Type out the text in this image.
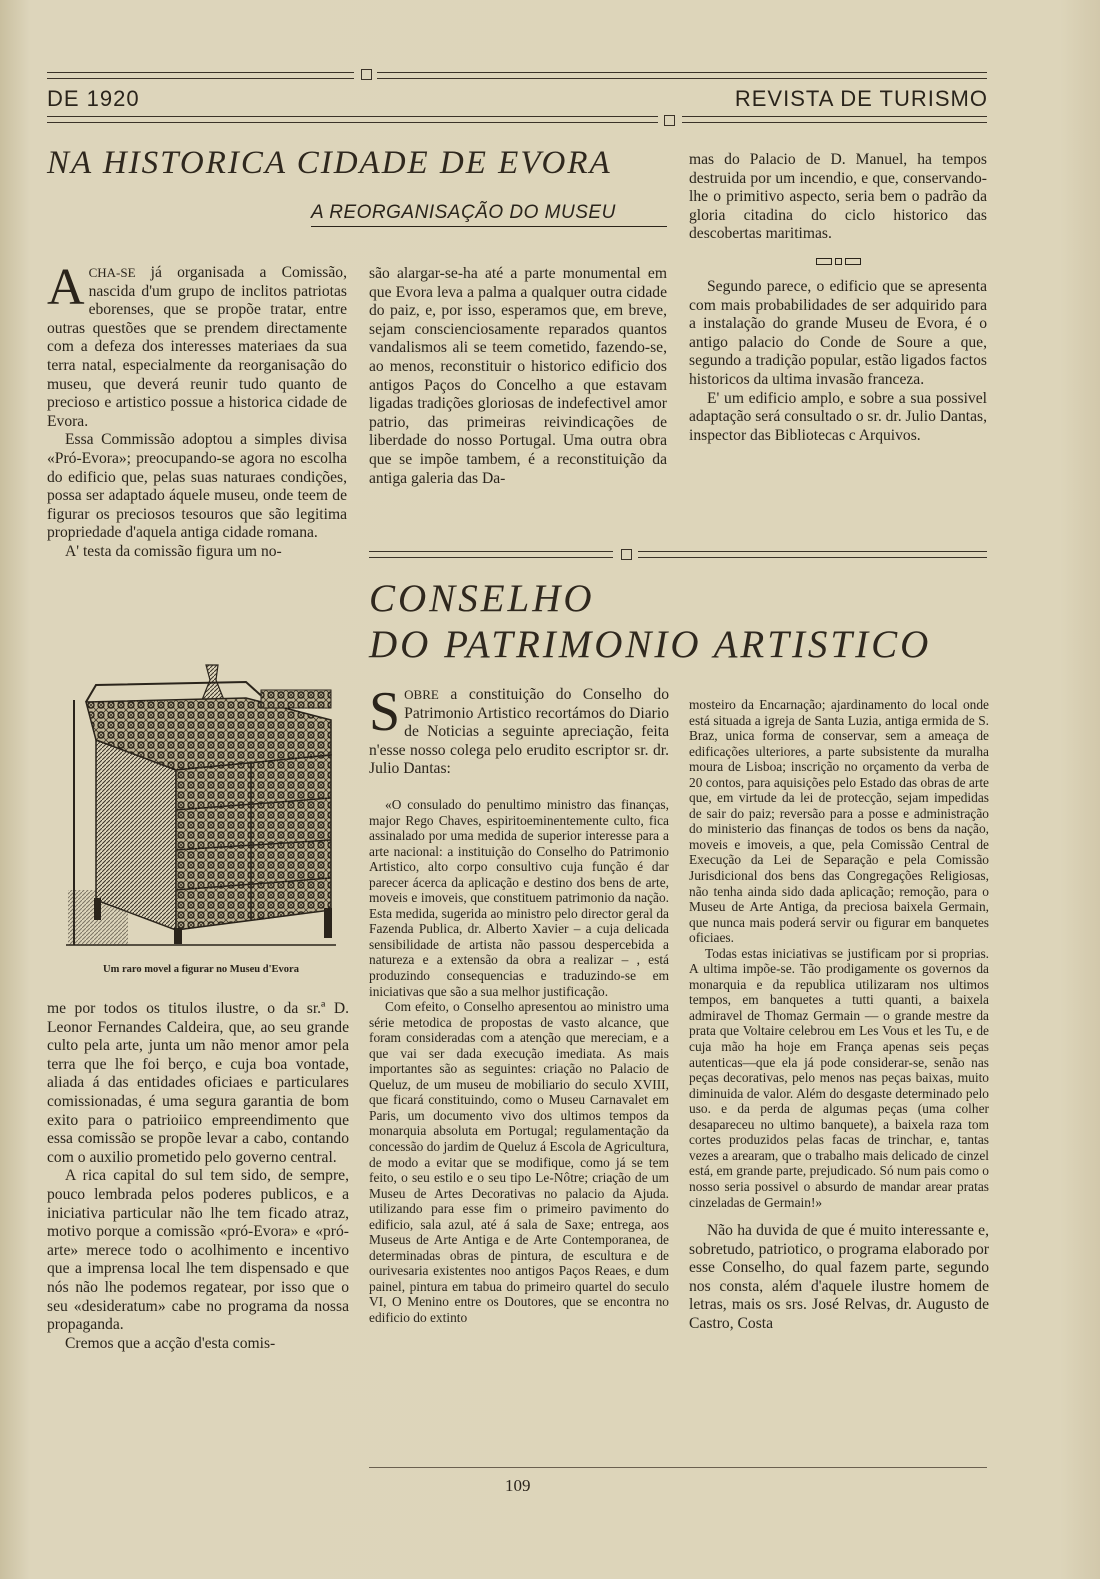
DE 1920	REVISTA DE TURISMO
NA HISTORICA CIDADE DE EVORA
A REORGANISAÇÃO DO MUSEU
A CHA-SE já organisada a Comissão, nascida d'um grupo de inclitos patriotas eborenses, que se propõe tratar, entre outras questões que se prendem directamente com a defeza dos interesses materiaes da sua terra natal, especialmente da reorganisação do museu, que deverá reunir tudo quanto de precioso e artistico possue a historica cidade de Evora.

Essa Commissão adoptou a simples divisa «Pró-Evora»; preocupando-se agora no escolha do edificio que, pelas suas naturaes condições, possa ser adaptado áquele museu, onde teem de figurar os preciosos tesouros que são legitima propriedade d'aquela antiga cidade romana.

A' testa da comissão figura um no-

Um raro movel a figurar no Museu d'Evora

me por todos os titulos ilustre, o da sr.ª D. Leonor Fernandes Caldeira, que, ao seu grande culto pela arte, junta um não menor amor pela terra que lhe foi berço, e cuja boa vontade, aliada á das entidades oficiaes e particulares comissionadas, é uma segura garantia de bom exito para o patrioiico empreendimento que essa comissão se propõe levar a cabo, contando com o auxilio prometido pelo governo central.

A rica capital do sul tem sido, de sempre, pouco lembrada pelos poderes publicos, e a iniciativa particular não lhe tem ficado atraz, motivo porque a comissão «pró-Evora» e «pró-arte» merece todo o acolhimento e incentivo que a imprensa local lhe tem dispensado e que nós não lhe podemos regatear, por isso que o seu «desideratum» cabe no programa da nossa propaganda.

Cremos que a acção d'esta comis-

são alargar-se-ha até a parte monumental em que Evora leva a palma a qualquer outra cidade do paiz, e, por isso, esperamos que, em breve, sejam conscienciosamente reparados quantos vandalismos ali se teem cometido, fazendo-se, ao menos, reconstituir o historico edificio dos antigos Paços do Concelho a que estavam ligadas tradições gloriosas de indefectivel amor patrio, das primeiras reivindicações de liberdade do nosso Portugal. Uma outra obra que se impõe tambem, é a reconstituição da antiga galeria das Da-

mas do Palacio de D. Manuel, ha tempos destruida por um incendio, e que, conservando-lhe o primitivo aspecto, seria bem o padrão da gloria citadina do ciclo historico das descobertas maritimas.

Segundo parece, o edificio que se apresenta com mais probabilidades de ser adquirido para a instalação do grande Museu de Evora, é o antigo palacio do Conde de Soure a que, segundo a tradição popular, estão ligados factos historicos da ultima invasão franceza.

E' um edificio amplo, e sobre a sua possivel adaptação será consultado o sr. dr. Julio Dantas, inspector das Bibliotecas c Arquivos.

CONSELHO
DO PATRIMONIO ARTISTICO
S OBRE a constituição do Conselho do Patrimonio Artistico recortámos do Diario de Noticias a seguinte apreciação, feita n'esse nosso colega pelo erudito escriptor sr. dr. Julio Dantas:

«O consulado do penultimo ministro das finanças, major Rego Chaves, espiritoeminentemente culto, fica assinalado por uma medida de superior interesse para a arte nacional: a instituição do Conselho do Patrimonio Artistico, alto corpo consultivo cuja função é dar parecer ácerca da aplicação e destino dos bens de arte, moveis e imoveis, que constituem patrimonio da nação. Esta medida, sugerida ao ministro pelo director geral da Fazenda Publica, dr. Alberto Xavier – a cuja delicada sensibilidade de artista não passou despercebida a natureza e a extensão da obra a realizar – , está produzindo consequencias e traduzindo-se em iniciativas que são a sua melhor justificação.

Com efeito, o Conselho apresentou ao ministro uma série metodica de propostas de vasto alcance, que foram consideradas com a atenção que mereciam, e a que vai ser dada execução imediata. As mais importantes são as seguintes: criação no Palacio de Queluz, de um museu de mobiliario do seculo XVIII, que ficará constituindo, como o Museu Carnavalet em Paris, um documento vivo dos ultimos tempos da monarquia absoluta em Portugal; regulamentação da concessão do jardim de Queluz á Escola de Agricultura, de modo a evitar que se modifique, como já se tem feito, o seu estilo e o seu tipo Le-Nôtre; criação de um Museu de Artes Decorativas no palacio da Ajuda. utilizando para esse fim o primeiro pavimento do edificio, sala azul, até á sala de Saxe; entrega, aos Museus de Arte Antiga e de Arte Contemporanea, de determinadas obras de pintura, de escultura e de ourivesaria existentes noo antigos Paços Reaes, e dum painel, pintura em tabua do primeiro quartel do seculo VI, O Menino entre os Doutores, que se encontra no edificio do extinto

mosteiro da Encarnação; ajardinamento do local onde está situada a igreja de Santa Luzia, antiga ermida de S. Braz, unica forma de conservar, sem a ameaça de edificações ulteriores, a parte subsistente da muralha moura de Lisboa; inscrição no orçamento da verba de 20 contos, para aquisições pelo Estado das obras de arte que, em virtude da lei de protecção, sejam impedidas de sair do paiz; reversão para a posse e administração do ministerio das finanças de todos os bens da nação, moveis e imoveis, a que, pela Comissão Central de Execução da Lei de Separação e pela Comissão Jurisdicional dos bens das Congregações Religiosas, não tenha ainda sido dada aplicação; remoção, para o Museu de Arte Antiga, da preciosa baixela Germain, que nunca mais poderá servir ou figurar em banquetes oficiaes.

Todas estas iniciativas se justificam por si proprias. A ultima impõe-se. Tão prodigamente os governos da monarquia e da republica utilizaram nos ultimos tempos, em banquetes a tutti quanti, a baixela admiravel de Thomaz Germain — o grande mestre da prata que Voltaire celebrou em Les Vous et les Tu, e de cuja mão ha hoje em França apenas seis peças autenticas—que ela já pode considerar-se, senão nas peças decorativas, pelo menos nas peças baixas, muito diminuida de valor. Além do desgaste determinado pelo uso. e da perda de algumas peças (uma colher desapareceu no ultimo banquete), a baixela raza tom cortes produzidos pelas facas de trinchar, e, tantas vezes a arearam, que o trabalho mais delicado de cinzel está, em grande parte, prejudicado. Só num pais como o nosso seria possivel o absurdo de mandar arear pratas cinzeladas de Germain!»

Não ha duvida de que é muito interessante e, sobretudo, patriotico, o programa elaborado por esse Conselho, do qual fazem parte, segundo nos consta, além d'aquele ilustre homem de letras, mais os srs. José Relvas, dr. Augusto de Castro, Costa

109
